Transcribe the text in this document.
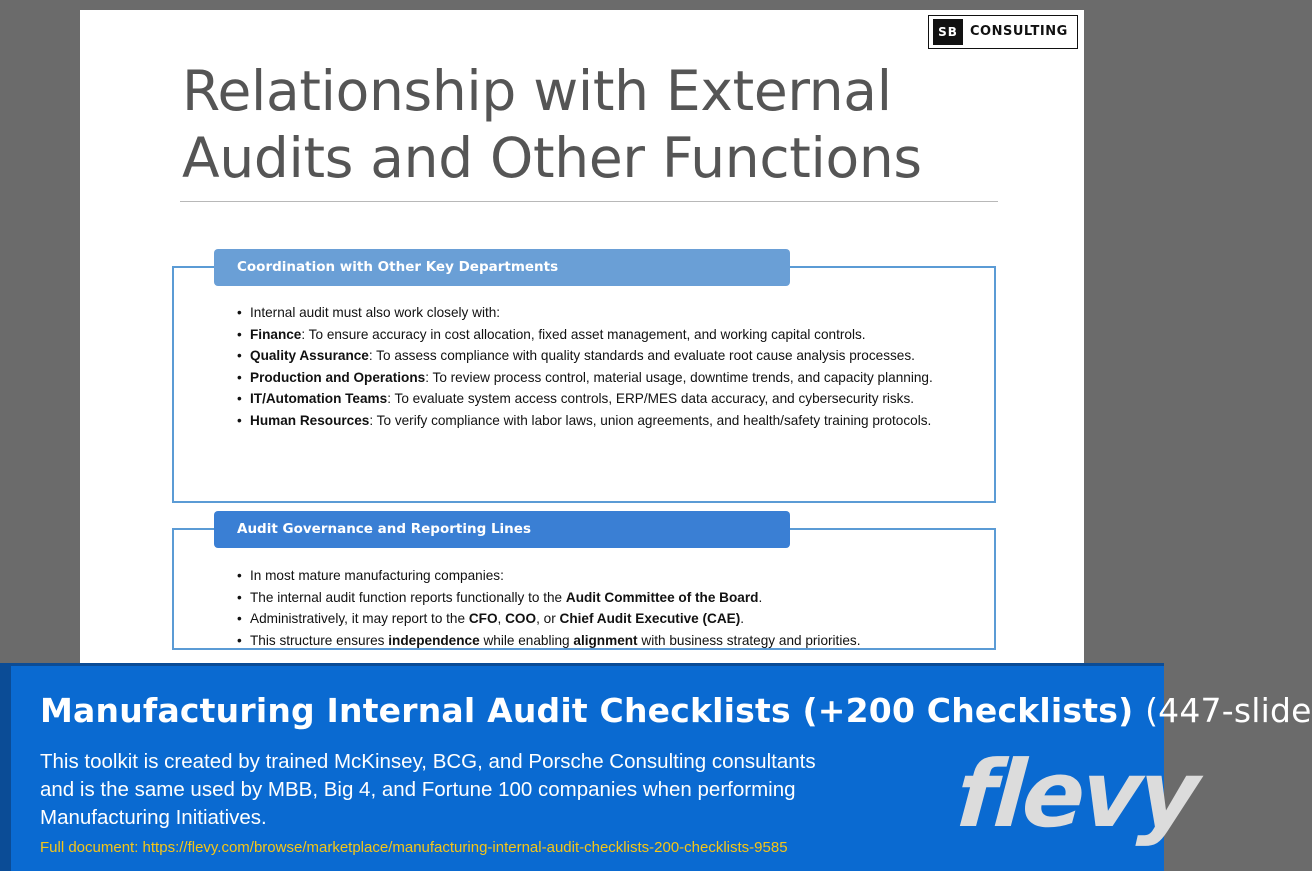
SB CONSULTING
Relationship with External Audits and Other Functions
• Internal audit must also work closely with:
• Finance: To ensure accuracy in cost allocation, fixed asset management, and working capital controls.
• Quality Assurance: To assess compliance with quality standards and evaluate root cause analysis processes.
• Production and Operations: To review process control, material usage, downtime trends, and capacity planning.
• IT/Automation Teams: To evaluate system access controls, ERP/MES data accuracy, and cybersecurity risks.
• Human Resources: To verify compliance with labor laws, union agreements, and health/safety training protocols.
Coordination with Other Key Departments
• In most mature manufacturing companies:
• The internal audit function reports functionally to the Audit Committee of the Board.
• Administratively, it may report to the CFO, COO, or Chief Audit Executive (CAE).
• This structure ensures independence while enabling alignment with business strategy and priorities.
Audit Governance and Reporting Lines
Manufacturing Internal Audit Checklists (+200 Checklists) (447-slide
This toolkit is created by trained McKinsey, BCG, and Porsche Consulting consultants and is the same used by MBB, Big 4, and Fortune 100 companies when performing Manufacturing Initiatives.
Full document: https://flevy.com/browse/marketplace/manufacturing-internal-audit-checklists-200-checklists-9585 flevy
